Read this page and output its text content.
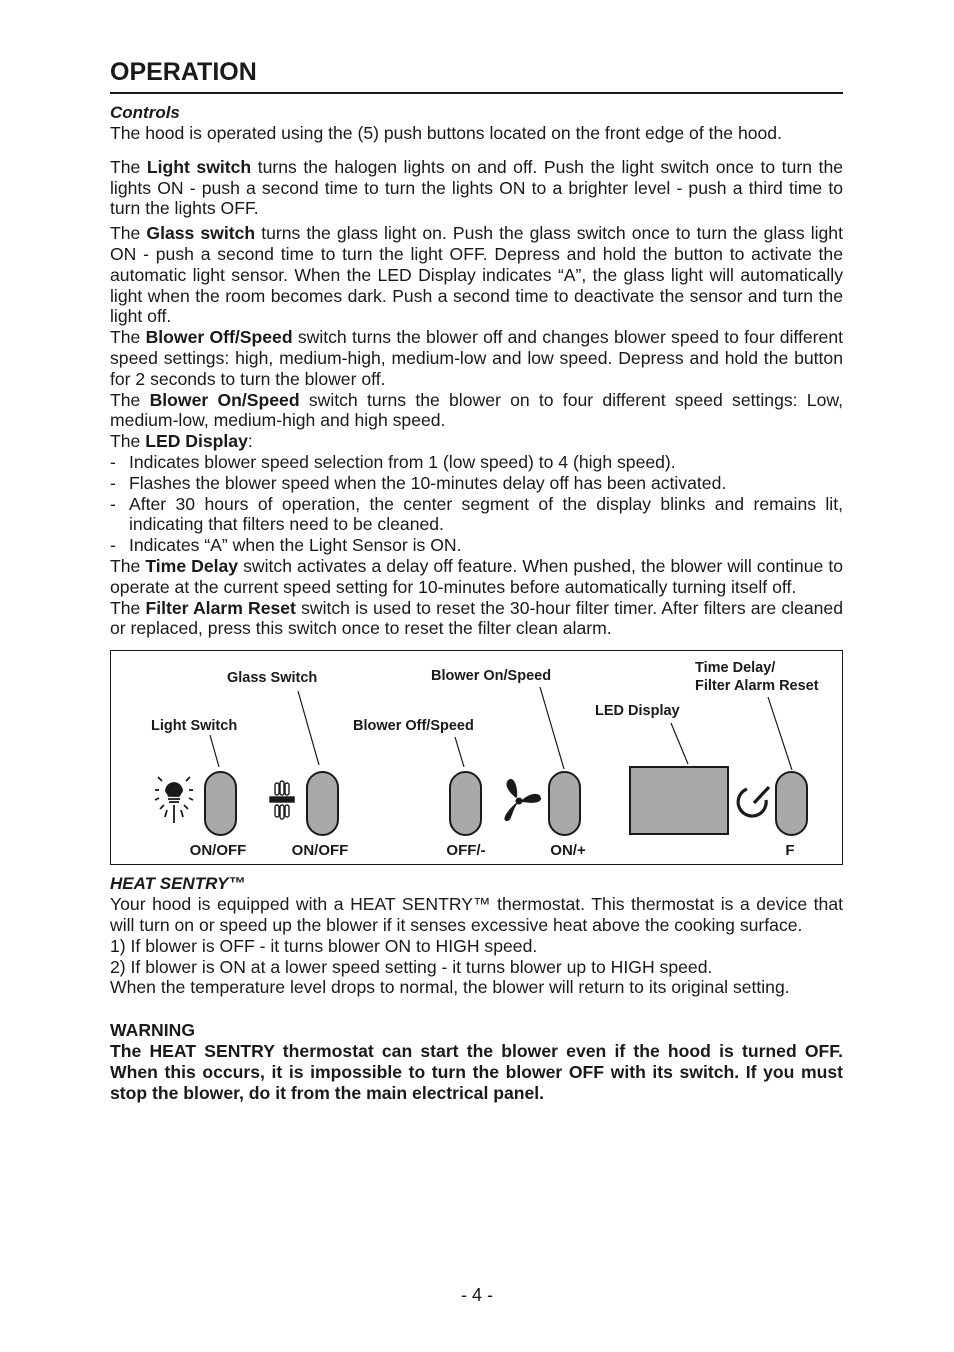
OPERATION
Controls

The hood is operated using the (5) push buttons located on the front edge of the hood.

The Light switch turns the halogen lights on and off. Push the light switch once to turn the lights ON - push a second time to turn the lights ON to a brighter level - push a third time to turn the lights OFF.

The Glass switch turns the glass light on. Push the glass switch once to turn the glass light ON - push a second time to turn the light OFF. Depress and hold the button to activate the automatic light sensor. When the LED Display indicates “A”, the glass light will automatically light when the room becomes dark. Push a second time to deactivate the sensor and turn the light off.

The Blower Off/Speed switch turns the blower off and changes blower speed to four different speed settings: high, medium-high, medium-low and low speed. Depress and hold the button for 2 seconds to turn the blower off.

The Blower On/Speed switch turns the blower on to four different speed settings: Low, medium-low, medium-high and high speed.

The LED Display:

- Indicates blower speed selection from 1 (low speed) to 4 (high speed).
- Flashes the blower speed when the 10-minutes delay off has been activated.
- After 30 hours of operation, the center segment of the display blinks and remains lit, indicating that filters need to be cleaned.
- Indicates “A” when the Light Sensor is ON.

The Time Delay switch activates a delay off feature. When pushed, the blower will continue to operate at the current speed setting for 10-minutes before automatically turning itself off.

The Filter Alarm Reset switch is used to reset the 30-hour filter timer. After filters are cleaned or replaced, press this switch once to reset the filter clean alarm.

Glass Switch	Blower On/Speed	Time Delay/
Filter Alarm Reset
LED Display
Light Switch	Blower Off/Speed
ON/OFF	ON/OFF	OFF/-	ON/+	F
HEAT SENTRY™

Your hood is equipped with a HEAT SENTRY™ thermostat. This thermostat is a device that will turn on or speed up the blower if it senses excessive heat above the cooking surface.

1) If blower is OFF - it turns blower ON to HIGH speed.

2) If blower is ON at a lower speed setting - it turns blower up to HIGH speed.

When the temperature level drops to normal, the blower will return to its original setting.

WARNING

The HEAT SENTRY thermostat can start the blower even if the hood is turned OFF. When this occurs, it is impossible to turn the blower OFF with its switch. If you must stop the blower, do it from the main electrical panel.

- 4 -
